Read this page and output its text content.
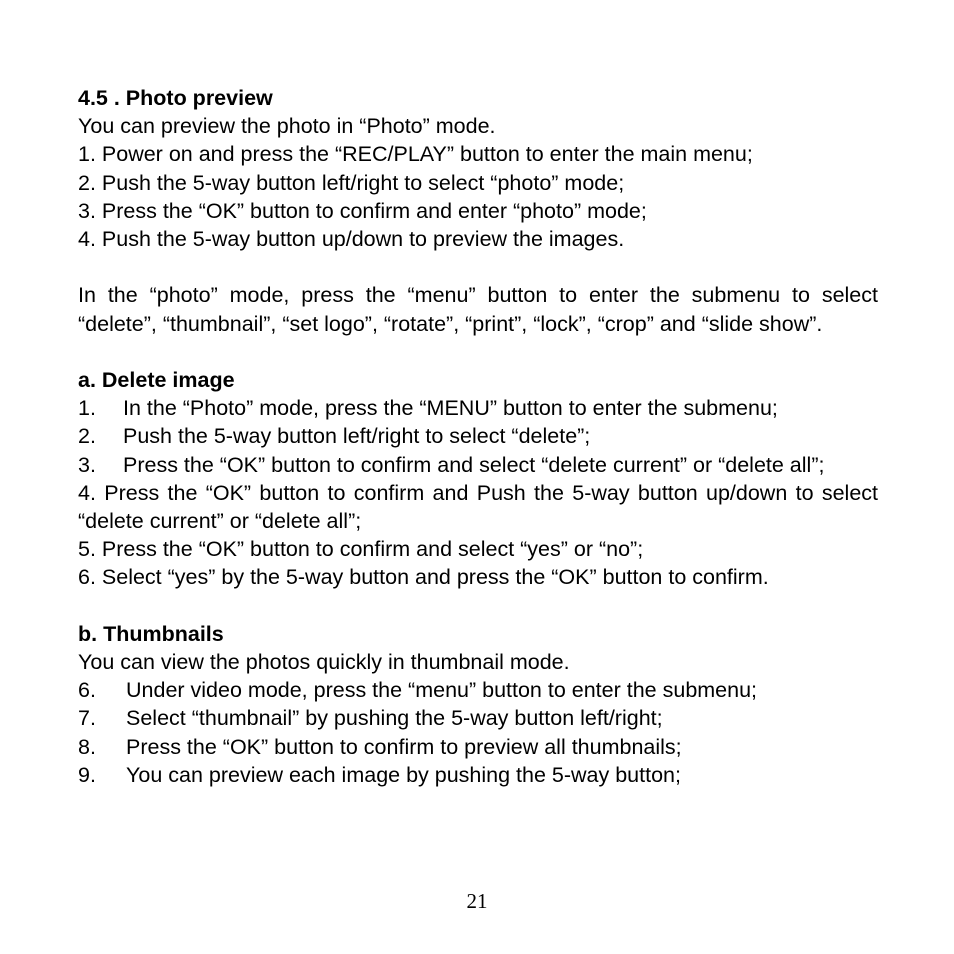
4.5 . Photo preview
You can preview the photo in “Photo” mode.
1. Power on and press the “REC/PLAY” button to enter the main menu;
2. Push the 5-way button left/right to select “photo” mode;
3. Press the “OK” button to confirm and enter “photo” mode;
4. Push the 5-way button up/down to preview the images.
In the “photo” mode, press the “menu” button to enter the submenu to select “delete”, “thumbnail”, “set logo”, “rotate”, “print”, “lock”, “crop” and “slide show”.
a. Delete image
1.	In the “Photo” mode, press the “MENU” button to enter the submenu;
2.	Push the 5-way button left/right to select “delete”;
3.	Press the “OK” button to confirm and select “delete current” or “delete all”;
4. Press the “OK” button to confirm and Push the 5-way button up/down to select “delete current” or “delete all”;
5. Press the “OK” button to confirm and select “yes” or “no”;
6. Select “yes” by the 5-way button and press the “OK” button to confirm.
b. Thumbnails
You can view the photos quickly in thumbnail mode.
6.	Under video mode, press the “menu” button to enter the submenu;
7.	Select “thumbnail” by pushing the 5-way button left/right;
8.	Press the “OK” button to confirm to preview all thumbnails;
9.	You can preview each image by pushing the 5-way button;
21
